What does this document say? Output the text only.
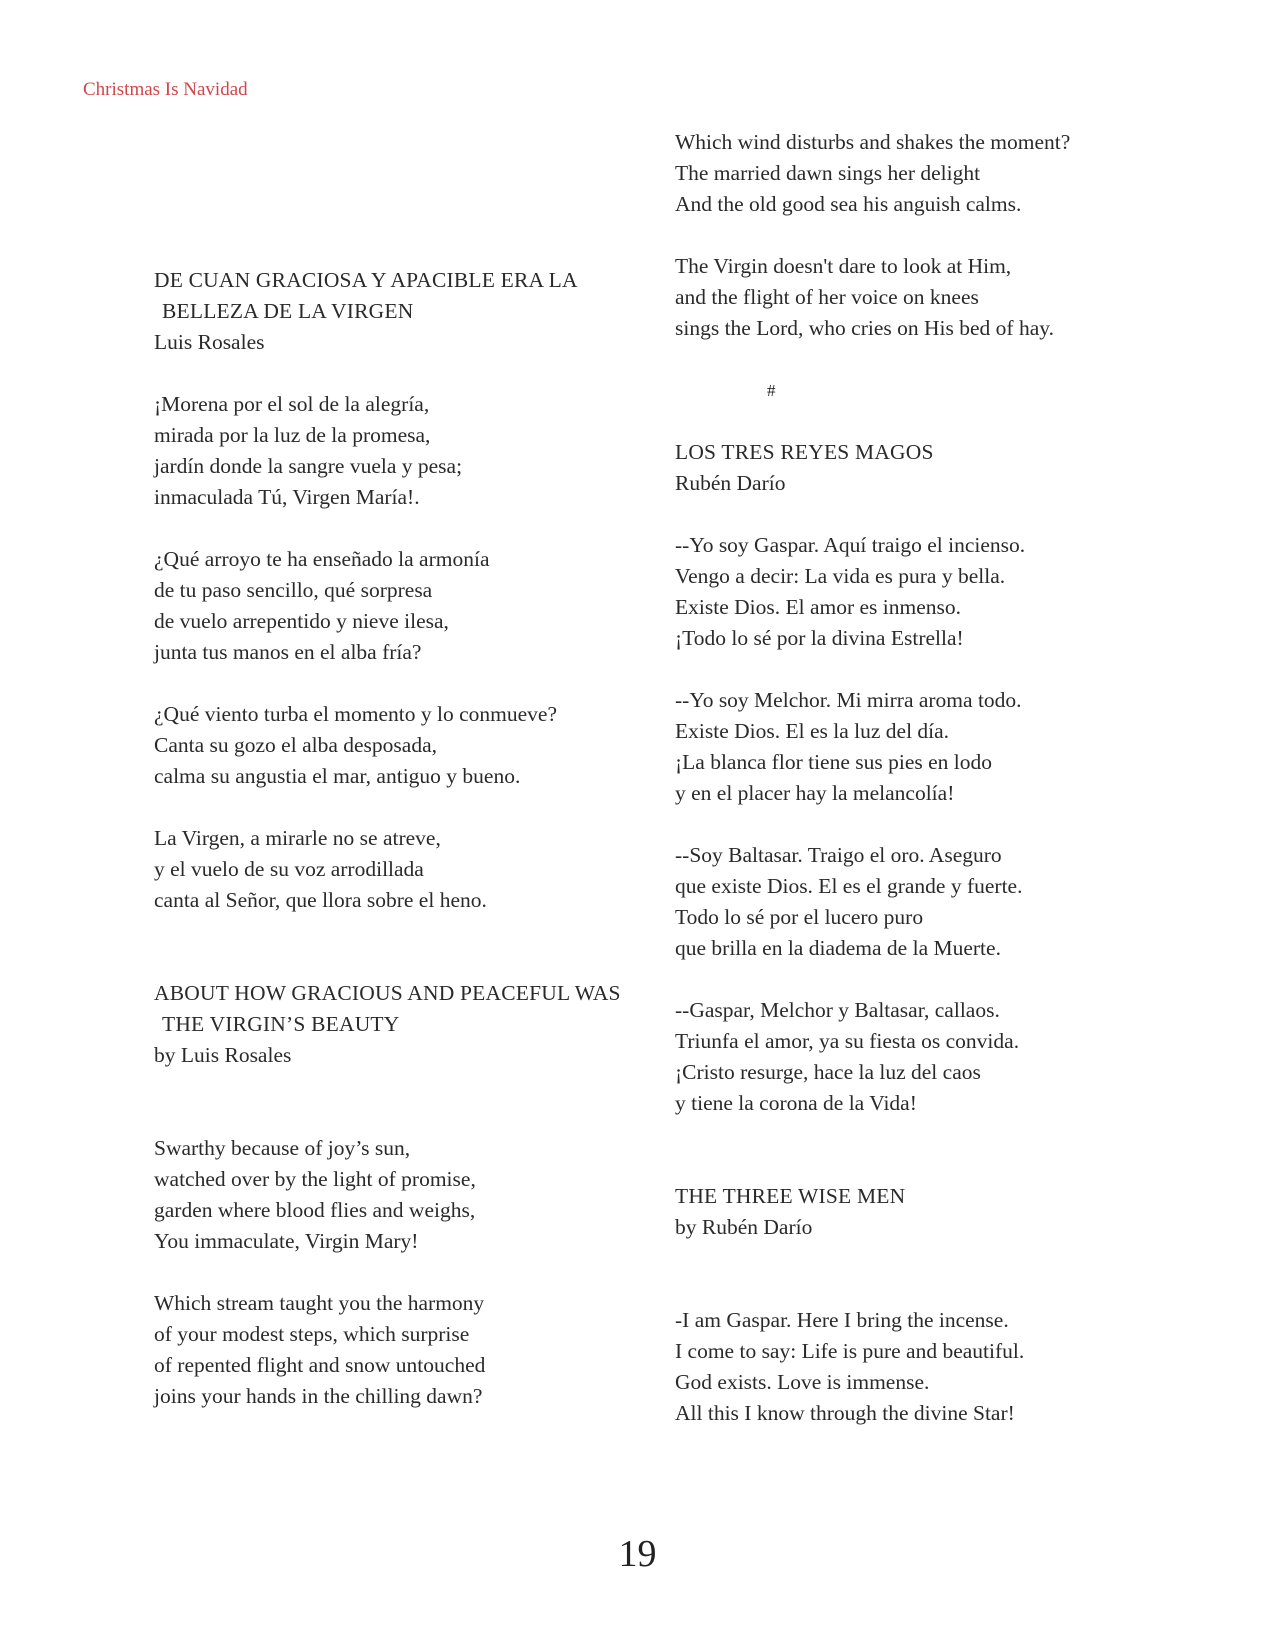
Christmas Is Navidad
DE CUAN GRACIOSA Y APACIBLE ERA LA
BELLEZA DE LA VIRGEN
Luis Rosales
¡Morena por el sol de la alegría,
mirada por la luz de la promesa,
jardín donde la sangre vuela y pesa;
inmaculada Tú, Virgen María!.
¿Qué arroyo te ha enseñado la armonía
de tu paso sencillo, qué sorpresa
de vuelo arrepentido y nieve ilesa,
junta tus manos en el alba fría?
¿Qué viento turba el momento y lo conmueve?
Canta su gozo el alba desposada,
calma su angustia el mar, antiguo y bueno.
La Virgen, a mirarle no se atreve,
y el vuelo de su voz arrodillada
canta al Señor, que llora sobre el heno.
ABOUT HOW GRACIOUS AND PEACEFUL WAS
THE VIRGIN’S BEAUTY
by Luis Rosales
Swarthy because of joy’s sun,
watched over by the light of promise,
garden where blood flies and weighs,
You immaculate, Virgin Mary!
Which stream taught you the harmony
of your modest steps, which surprise
of repented flight and snow untouched
joins your hands in the chilling dawn?
Which wind disturbs and shakes the moment?
The married dawn sings her delight
And the old good sea his anguish calms.
The Virgin doesn't dare to look at Him,
and the flight of her voice on knees
sings the Lord, who cries on His bed of hay.
#
LOS TRES REYES MAGOS
Rubén Darío
--Yo soy Gaspar. Aquí traigo el incienso.
Vengo a decir: La vida es pura y bella.
Existe Dios. El amor es inmenso.
¡Todo lo sé por la divina Estrella!
--Yo soy Melchor. Mi mirra aroma todo.
Existe Dios. El es la luz del día.
¡La blanca flor tiene sus pies en lodo
y en el placer hay la melancolía!
--Soy Baltasar. Traigo el oro. Aseguro
que existe Dios. El es el grande y fuerte.
Todo lo sé por el lucero puro
que brilla en la diadema de la Muerte.
--Gaspar, Melchor y Baltasar, callaos.
Triunfa el amor, ya su fiesta os convida.
¡Cristo resurge, hace la luz del caos
y tiene la corona de la Vida!
THE THREE WISE MEN
by Rubén Darío
-I am Gaspar. Here I bring the incense.
I come to say: Life is pure and beautiful.
God exists. Love is immense.
All this I know through the divine Star!
19
